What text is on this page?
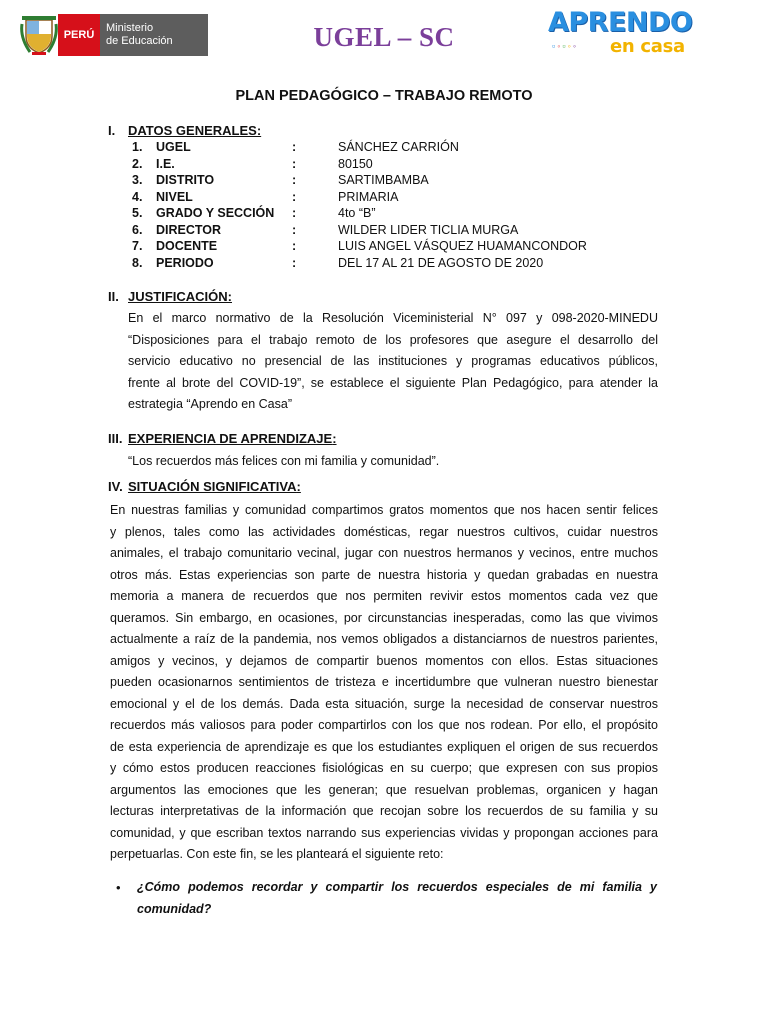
PERÚ
Ministerio
de Educación	UGEL – SC	APRENDO
▫◦▫◦◦ en casa
PLAN PEDAGÓGICO – TRABAJO REMOTO
I. DATOS GENERALES:
1. UGEL	:	SÁNCHEZ CARRIÓN
2. I.E.	:	80150
3. DISTRITO	:	SARTIMBAMBA
4. NIVEL	:	PRIMARIA
5. GRADO Y SECCIÓN :	4to “B”
6. DIRECTOR	:	WILDER LIDER TICLIA MURGA
7. DOCENTE	:	LUIS ANGEL VÁSQUEZ HUAMANCONDOR
8. PERIODO	:	DEL 17 AL 21 DE AGOSTO DE 2020
II. JUSTIFICACIÓN:
En el marco normativo de la Resolución Viceministerial N° 097 y 098-2020-MINEDU
“Disposiciones para el trabajo remoto de los profesores que asegure el desarrollo del
servicio educativo no presencial de las instituciones y programas educativos públicos,
frente al brote del COVID-19”, se establece el siguiente Plan Pedagógico, para atender la
estrategia “Aprendo en Casa”
III. EXPERIENCIA DE APRENDIZAJE:
“Los recuerdos más felices con mi familia y comunidad”.
IV. SITUACIÓN SIGNIFICATIVA:
En nuestras familias y comunidad compartimos gratos momentos que nos hacen sentir felices
y plenos, tales como las actividades domésticas, regar nuestros cultivos, cuidar nuestros
animales, el trabajo comunitario vecinal, jugar con nuestros hermanos y vecinos, entre muchos
otros más. Estas experiencias son parte de nuestra historia y quedan grabadas en nuestra
memoria a manera de recuerdos que nos permiten revivir estos momentos cada vez que
queramos. Sin embargo, en ocasiones, por circunstancias inesperadas, como las que vivimos
actualmente a raíz de la pandemia, nos vemos obligados a distanciarnos de nuestros parientes,
amigos y vecinos, y dejamos de compartir buenos momentos con ellos. Estas situaciones
pueden ocasionarnos sentimientos de tristeza e incertidumbre que vulneran nuestro bienestar
emocional y el de los demás. Dada esta situación, surge la necesidad de conservar nuestros
recuerdos más valiosos para poder compartirlos con los que nos rodean. Por ello, el propósito
de esta experiencia de aprendizaje es que los estudiantes expliquen el origen de sus recuerdos
y cómo estos producen reacciones fisiológicas en su cuerpo; que expresen con sus propios
argumentos las emociones que les generan; que resuelvan problemas, organicen y hagan
lecturas interpretativas de la información que recojan sobre los recuerdos de su familia y su
comunidad, y que escriban textos narrando sus experiencias vividas y propongan acciones para
perpetuarlas. Con este fin, se les planteará el siguiente reto:
• ¿Cómo podemos recordar y compartir los recuerdos especiales de mi familia y
comunidad?
